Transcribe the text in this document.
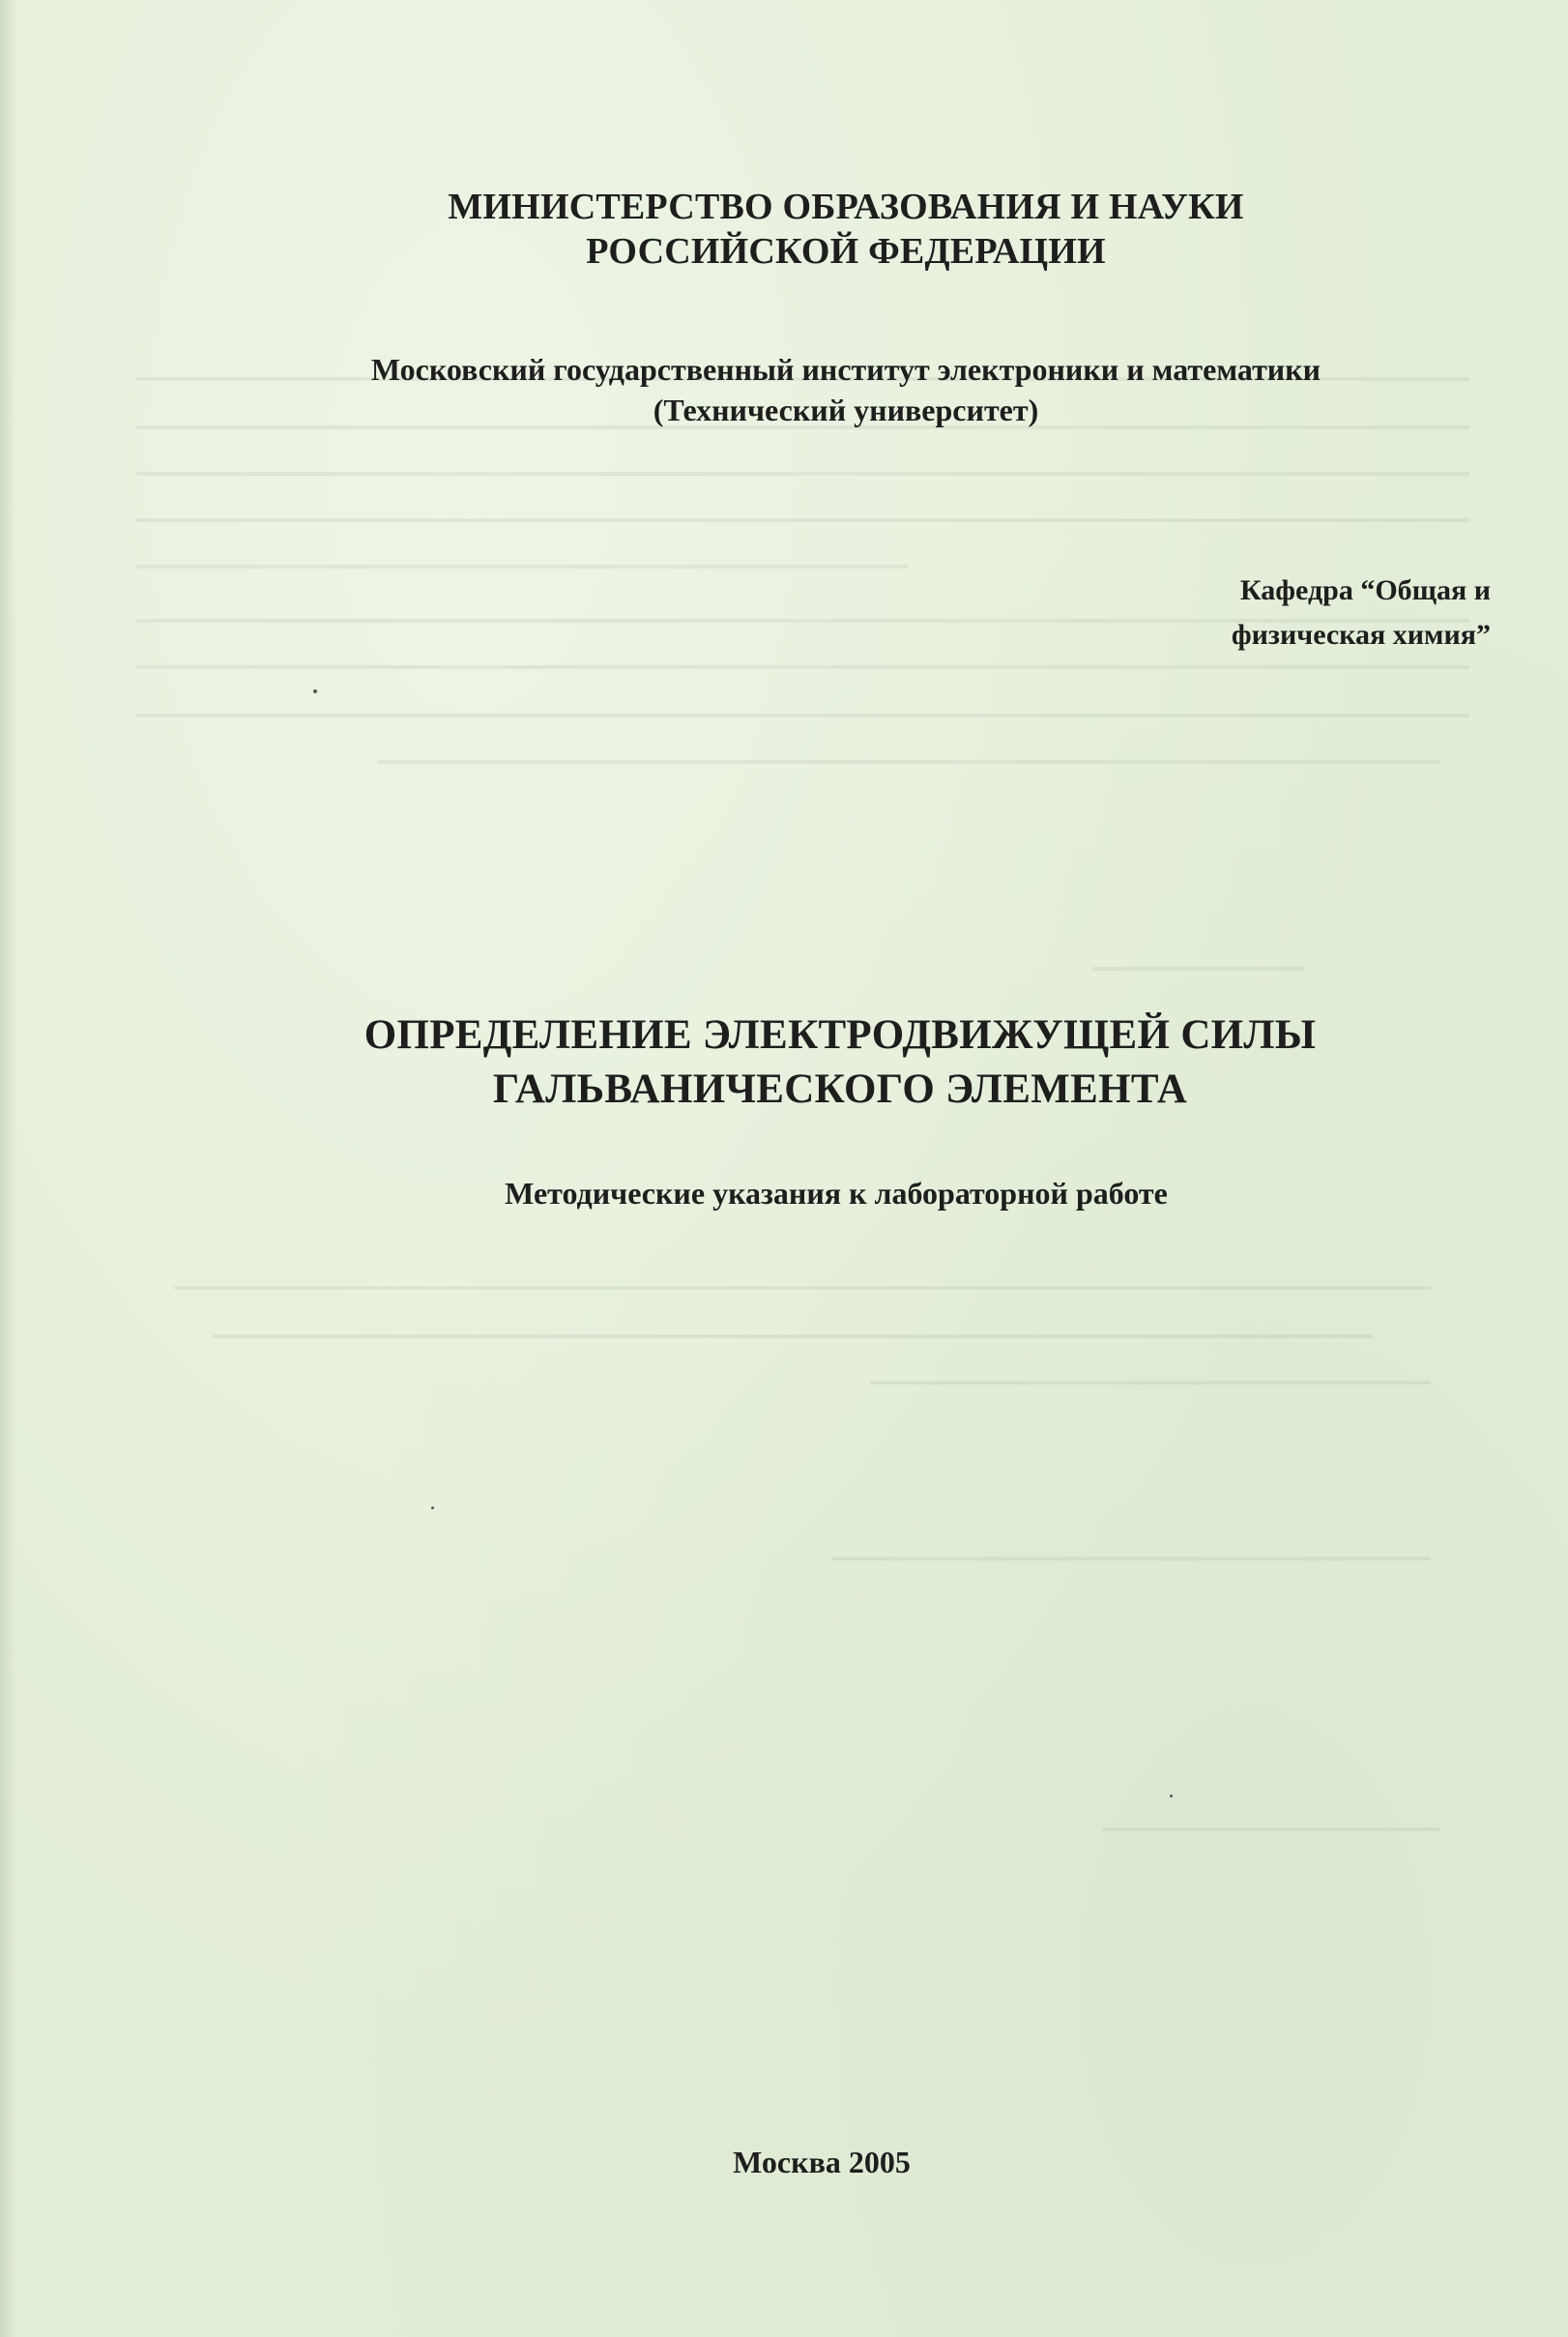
МИНИСТЕРСТВО ОБРАЗОВАНИЯ И НАУКИ
РОССИЙСКОЙ ФЕДЕРАЦИИ
Московский государственный институт электроники и математики
(Технический университет)
Кафедра “Общая и
физическая химия”
ОПРЕДЕЛЕНИЕ ЭЛЕКТРОДВИЖУЩЕЙ СИЛЫ
ГАЛЬВАНИЧЕСКОГО ЭЛЕМЕНТА
Методические указания к лабораторной работе
Москва 2005
